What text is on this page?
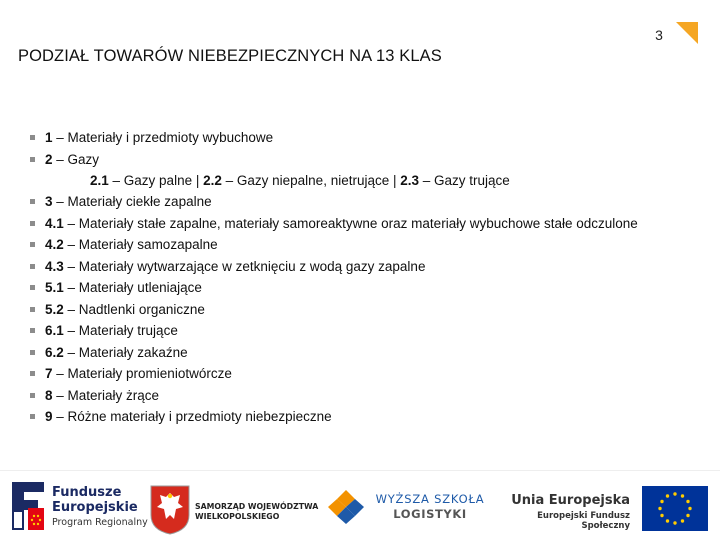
3
PODZIAŁ TOWARÓW NIEBEZPIECZNYCH NA 13 KLAS
1 – Materiały i przedmioty wybuchowe
2 – Gazy
2.1 – Gazy palne | 2.2 – Gazy niepalne, nietrujące | 2.3 – Gazy trujące
3 – Materiały ciekłe zapalne
4.1 – Materiały stałe zapalne, materiały samoreaktywne oraz materiały wybuchowe stałe odczulone
4.2 – Materiały samozapalne
4.3 – Materiały wytwarzające w zetknięciu z wodą gazy zapalne
5.1 – Materiały utleniające
5.2 – Nadtlenki organiczne
6.1 – Materiały trujące
6.2 – Materiały zakaźne
7 – Materiały promieniotwórcze
8 – Materiały żrące
9 – Różne materiały i przedmioty niebezpieczne
Fundusze
Europejskie
Program Regionalny
SAMORZĄD WOJEWÓDZTWA
WIELKOPOLSKIEGO
WYŻSZA SZKOŁA
LOGISTYKI
Unia Europejska
Europejski Fundusz Społeczny
